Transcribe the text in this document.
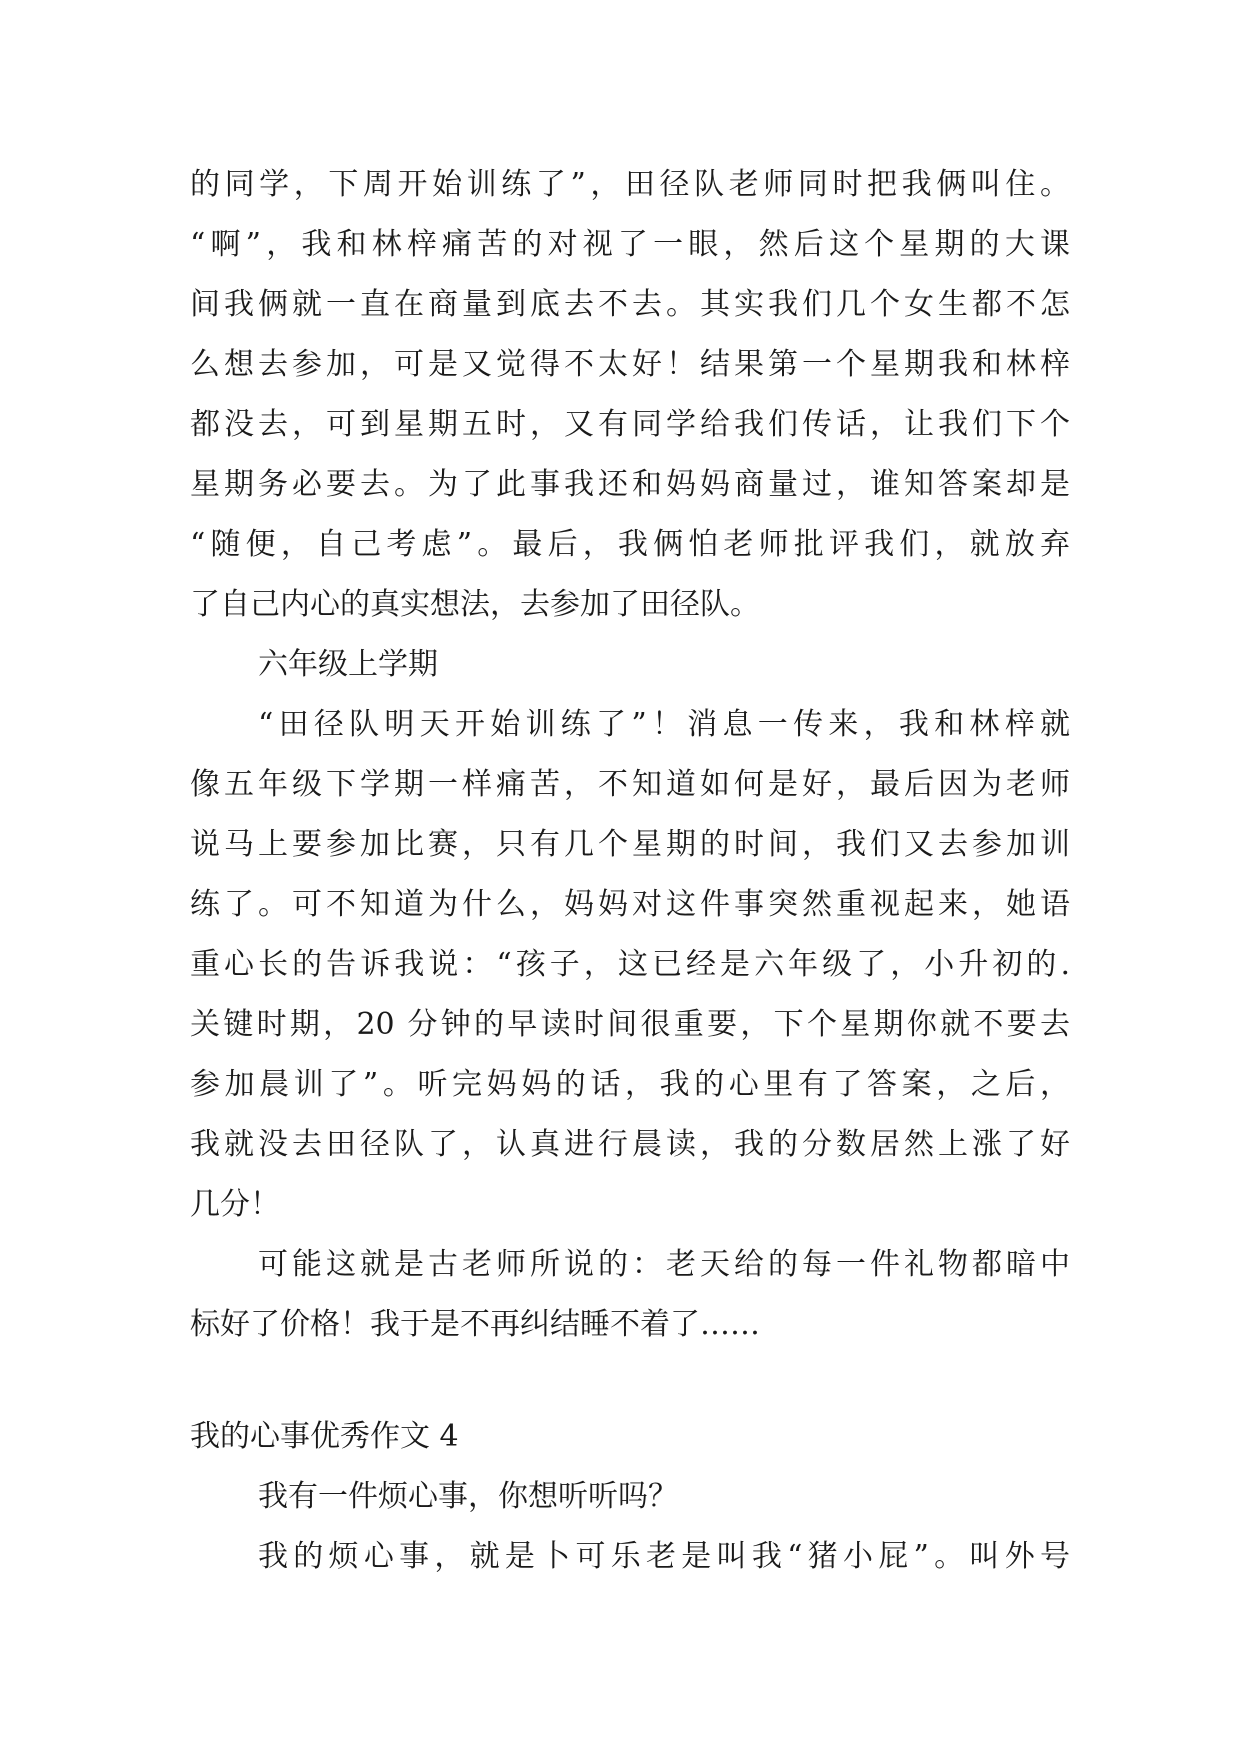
的同学，下周开始训练了”，田径队老师同时把我俩叫住。
“啊”，我和林梓痛苦的对视了一眼，然后这个星期的大课
间我俩就一直在商量到底去不去。其实我们几个女生都不怎
么想去参加，可是又觉得不太好！结果第一个星期我和林梓
都没去，可到星期五时，又有同学给我们传话，让我们下个
星期务必要去。为了此事我还和妈妈商量过，谁知答案却是
“随便，自己考虑”。最后，我俩怕老师批评我们，就放弃
了自己内心的真实想法，去参加了田径队。
六年级上学期
“田径队明天开始训练了”！消息一传来，我和林梓就
像五年级下学期一样痛苦，不知道如何是好，最后因为老师
说马上要参加比赛，只有几个星期的时间，我们又去参加训
练了。可不知道为什么，妈妈对这件事突然重视起来，她语
重心长的告诉我说：“孩子，这已经是六年级了，小升初的.
关键时期，20 分钟的早读时间很重要，下个星期你就不要去
参加晨训了”。听完妈妈的话，我的心里有了答案，之后，
我就没去田径队了，认真进行晨读，我的分数居然上涨了好
几分！
可能这就是古老师所说的：老天给的每一件礼物都暗中
标好了价格！我于是不再纠结睡不着了……
我的心事优秀作文 4
我有一件烦心事，你想听听吗？
我的烦心事，就是卜可乐老是叫我“猪小屁”。叫外号
